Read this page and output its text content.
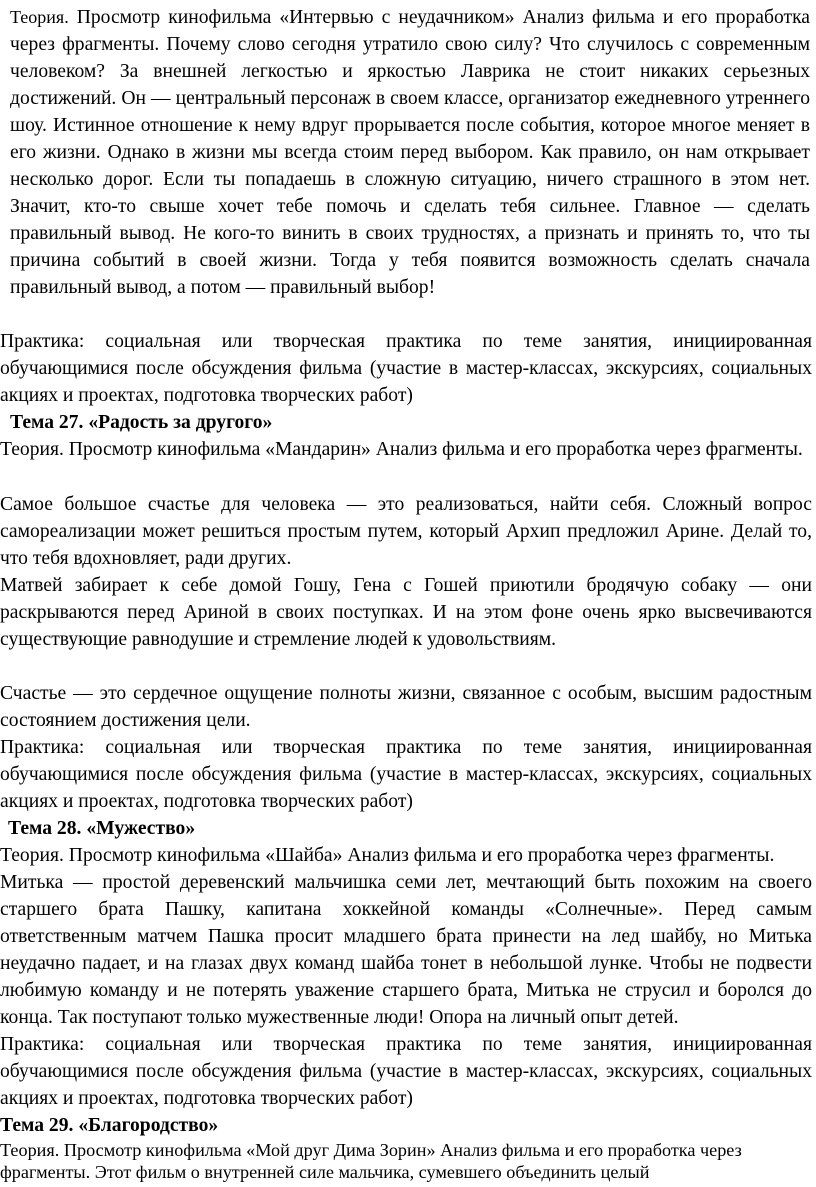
Теория. Просмотр кинофильма «Интервью с неудачником» Анализ фильма и его проработка через фрагменты. Почему слово сегодня утратило свою силу? Что случилось с современным человеком? За внешней легкостью и яркостью Лаврика не стоит никаких серьезных достижений. Он — центральный персонаж в своем классе, организатор ежедневного утреннего шоу. Истинное отношение к нему вдруг прорывается после события, которое многое меняет в его жизни. Однако в жизни мы всегда стоим перед выбором. Как правило, он нам открывает несколько дорог. Если ты попадаешь в сложную ситуацию, ничего страшного в этом нет. Значит, кто-то свыше хочет тебе помочь и сделать тебя сильнее. Главное — сделать правильный вывод. Не кого-то винить в своих трудностях, а признать и принять то, что ты причина событий в своей жизни. Тогда у тебя появится возможность сделать сначала правильный вывод, а потом — правильный выбор!

Практика: социальная или творческая практика по теме занятия, инициированная обучающимися после обсуждения фильма (участие в мастер-классах, экскурсиях, социальных акциях и проектах, подготовка творческих работ)

Тема 27. «Радость за другого»

Теория. Просмотр кинофильма «Мандарин» Анализ фильма и его проработка через фрагменты.

Самое большое счастье для человека — это реализоваться, найти себя. Сложный вопрос самореализации может решиться простым путем, который Архип предложил Арине. Делай то, что тебя вдохновляет, ради других.

Матвей забирает к себе домой Гошу, Гена с Гошей приютили бродячую собаку — они раскрываются перед Ариной в своих поступках. И на этом фоне очень ярко высвечиваются существующие равнодушие и стремление людей к удовольствиям.

Счастье — это сердечное ощущение полноты жизни, связанное с особым, высшим радостным состоянием достижения цели.

Практика: социальная или творческая практика по теме занятия, инициированная обучающимися после обсуждения фильма (участие в мастер-классах, экскурсиях, социальных акциях и проектах, подготовка творческих работ)

Тема 28. «Мужество»

Теория. Просмотр кинофильма «Шайба» Анализ фильма и его проработка через фрагменты.

Митька — простой деревенский мальчишка семи лет, мечтающий быть похожим на своего старшего брата Пашку, капитана хоккейной команды «Солнечные». Перед самым ответственным матчем Пашка просит младшего брата принести на лед шайбу, но Митька неудачно падает, и на глазах двух команд шайба тонет в небольшой лунке. Чтобы не подвести любимую команду и не потерять уважение старшего брата, Митька не струсил и боролся до конца. Так поступают только мужественные люди! Опора на личный опыт детей.

Практика: социальная или творческая практика по теме занятия, инициированная обучающимися после обсуждения фильма (участие в мастер-классах, экскурсиях, социальных акциях и проектах, подготовка творческих работ)

Тема 29. «Благородство»

Теория. Просмотр кинофильма «Мой друг Дима Зорин» Анализ фильма и его проработка через фрагменты. Этот фильм о внутренней силе мальчика, сумевшего объединить целый
